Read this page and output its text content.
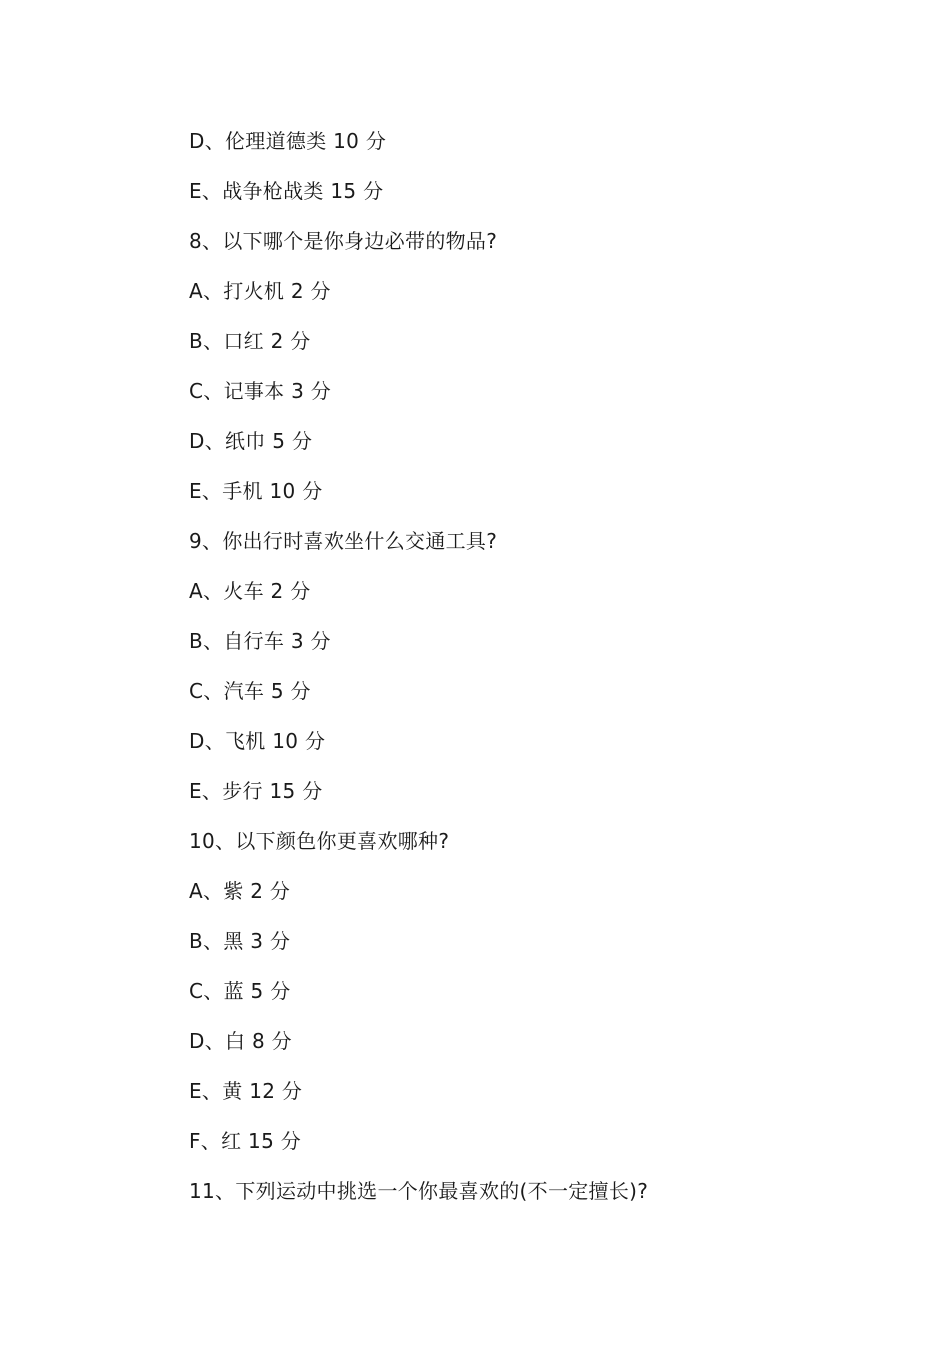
D、伦理道德类 10 分
E、战争枪战类 15 分
8、以下哪个是你身边必带的物品?
A、打火机 2 分
B、口红 2 分
C、记事本 3 分
D、纸巾 5 分
E、手机 10 分
9、你出行时喜欢坐什么交通工具?
A、火车 2 分
B、自行车 3 分
C、汽车 5 分
D、飞机 10 分
E、步行 15 分
10、以下颜色你更喜欢哪种?
A、紫 2 分
B、黑 3 分
C、蓝 5 分
D、白 8 分
E、黄 12 分
F、红 15 分
11、下列运动中挑选一个你最喜欢的(不一定擅长)?
